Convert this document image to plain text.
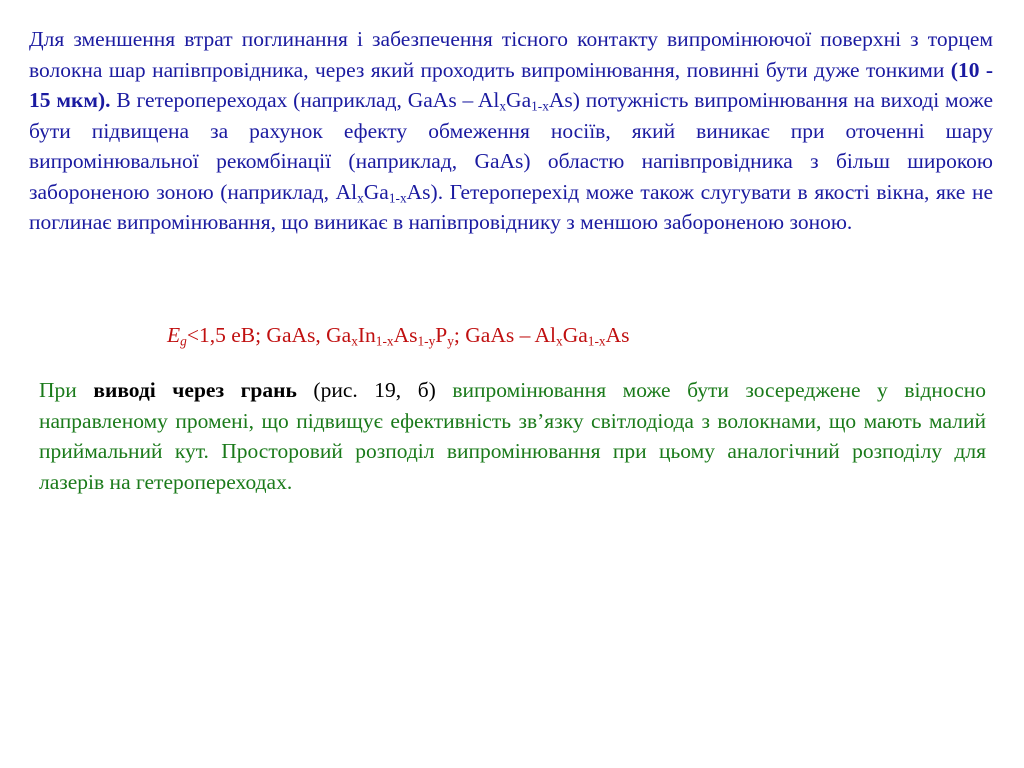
Для зменшення втрат поглинання і забезпечення тісного контакту випромінюючої поверхні з торцем волокна шар напівпровідника, через який проходить випромінювання, повинні бути дуже тонкими (10 - 15 мкм). В гетеропереходах (наприклад, GaAs – $Al_xGa_{1-x}As$) потужність випромінювання на виході може бути підвищена за рахунок ефекту обмеження носіїв, який виникає при оточенні шару випромінювальної рекомбінації (наприклад, GaAs) областю напівпровідника з більш широкою забороненою зоною (наприклад, $Al_xGa_{1-x}As$). Гетероперехід може також слугувати в якості вікна, яке не поглинає випромінювання, що виникає в напівпровіднику з меншою забороненою зоною.
$E_g<1,5$ еВ; GaAs, $Ga_xIn_{1-x}As_{1-y}P_y$; GaAs – $Al_xGa_{1-x}As$
При виводі через грань (рис. 19, б) випромінювання може бути зосереджене у відносно направленому промені, що підвищує ефективність зв’язку світлодіода з волокнами, що мають малий приймальний кут. Просторовий розподіл випромінювання при цьому аналогічний розподілу для лазерів на гетеропереходах.
